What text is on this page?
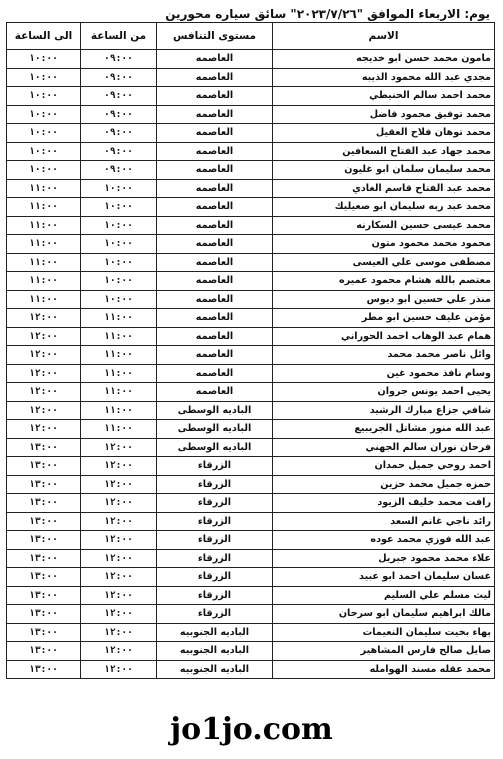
يوم: الاربعاء الموافق "٢٠٢٣/٧/٢٦" سائق سياره محورين
الاسم	مستوى التنافس	من الساعة	الى الساعة
مامون محمد حسن ابو خديجه	العاصمه	٠٩:٠٠	١٠:٠٠
مجدي عبد الله محمود الذيبه	العاصمه	٠٩:٠٠	١٠:٠٠
محمد احمد سالم الحنيطي	العاصمه	٠٩:٠٠	١٠:٠٠
محمد توفيق محمود فاضل	العاصمه	٠٩:٠٠	١٠:٠٠
محمد توهان فلاح العقيل	العاصمه	٠٩:٠٠	١٠:٠٠
محمد جهاد عبد الفتاح السعافين	العاصمه	٠٩:٠٠	١٠:٠٠
محمد سليمان سلمان ابو غليون	العاصمه	٠٩:٠٠	١٠:٠٠
محمد عبد الفتاح قاسم الغادي	العاصمه	١٠:٠٠	١١:٠٠
محمد عبد ربه سليمان ابو صعيليك	العاصمه	١٠:٠٠	١١:٠٠
محمد عيسى حسين السكارنه	العاصمه	١٠:٠٠	١١:٠٠
محمود محمد محمود متون	العاصمه	١٠:٠٠	١١:٠٠
مصطفى موسى علي العيسى	العاصمه	١٠:٠٠	١١:٠٠
معتصم بالله هشام محمود عميره	العاصمه	١٠:٠٠	١١:٠٠
منذر علي حسين ابو ديوس	العاصمه	١٠:٠٠	١١:٠٠
مؤمن عليف حسين ابو مطر	العاصمه	١١:٠٠	١٢:٠٠
همام عبد الوهاب احمد الحوراني	العاصمه	١١:٠٠	١٢:٠٠
وائل ناصر محمد محمد	العاصمه	١١:٠٠	١٢:٠٠
وسام نافذ محمود غين	العاصمه	١١:٠٠	١٢:٠٠
يحيى احمد يونس جروان	العاصمه	١١:٠٠	١٢:٠٠
شافي جزاع مبارك الرشيد	الباديه الوسطى	١١:٠٠	١٢:٠٠
عبد الله منور مشاتل الجريبيع	الباديه الوسطى	١١:٠٠	١٢:٠٠
فرحان نوران سالم الجهني	الباديه الوسطى	١٢:٠٠	١٣:٠٠
احمد روحي جميل حمدان	الزرقاء	١٢:٠٠	١٣:٠٠
حمزه جميل محمد حزين	الزرقاء	١٢:٠٠	١٣:٠٠
رافت محمد خليف الزيود	الزرقاء	١٢:٠٠	١٣:٠٠
رائد ناجي غانم السعد	الزرقاء	١٢:٠٠	١٣:٠٠
عبد الله فوزي محمد عوده	الزرقاء	١٢:٠٠	١٣:٠٠
علاء محمد محمود جبريل	الزرقاء	١٢:٠٠	١٣:٠٠
غسان سليمان احمد ابو عبيد	الزرقاء	١٢:٠٠	١٣:٠٠
ليث مسلم علي السليم	الزرقاء	١٢:٠٠	١٣:٠٠
مالك ابراهيم سليمان ابو سرحان	الزرقاء	١٢:٠٠	١٣:٠٠
بهاء بخيت سليمان النعيمات	الباديه الجنوبيه	١٢:٠٠	١٣:٠٠
صايل صالح فارس المشاهير	الباديه الجنوبيه	١٢:٠٠	١٣:٠٠
محمد عقله مسند الهوامله	الباديه الجنوبيه	١٢:٠٠	١٣:٠٠
jo1jo.com
